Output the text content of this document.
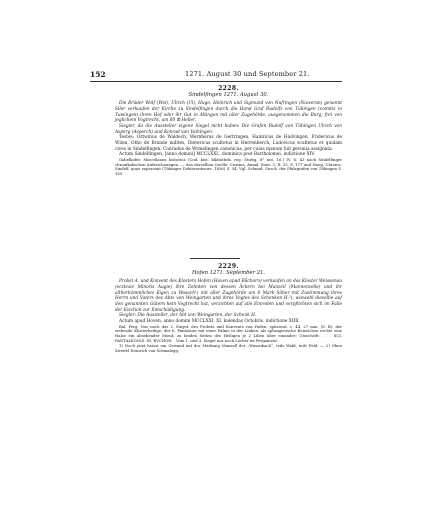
152	1271. August 30 und September 21.
2228.
Sindelfingen 1271. August 30.

Die Brüder Wolf (Wol), Ulrich (Ul), Hugo, Heinrich und Sigmund von Nufringen (Nuweran) genannt Siler verkaufen der Kirche zu Sindelfingen durch die Hand Graf Rudolfs von Tübingen (comitis in Tuwingen) ihren Hof oder ihr Gut in Altingen mit aller Zugehörde, ausgenommen die Burg, frei von jeglichem Vogtrecht, um 80 ℔ Heller.

Siegler, da die Aussteller eigene Siegel nicht haben: Die Grafen Rudolf von Tübingen Ulrich von Asperg (Asperch) und Konrad von Vaihingen.

Testes: Ortwinus de Waldech, Wernherus de Gertringen, Hainricus de Hailvingen, Fridericus de Wilen, Otho de Brande milites, Dietericus scultetus in Herrenberch, Ludovicus scultetus et quidam cives in Sindelfingen, Conradus de Wrmelingen canonicus, per cuius manum fuit pecunia assignata.

Actum Sindelfingen, [anno domini] MCCLXXI., dominica post Bartholomei, indictione XIV.

Gabelkofer, Miscellanea historica (Cod. hist. bibliothek. reg. Stuttg. 8° nro. 16.) IV. S. 43 nach Sindelfinger chronikalischen Aufzeichnungen. — Aus derselben Quelle: Crusius, Annal. Suev. 3, Il, 33, S. 177 und Haug, Chronic. Sindelf. quae supersunt (Tübinger Doktorentwurs. 1836) S. 34. Vgl. Schmid, Gesch. der Pfalzgrafen von Tübingen S. 165.

2229.
Hofen 1271. September 21.

Probst A. und Konvent des Klosters Hofen (Hoven apud Bůchorn) verkaufen an das Kloster Weissenau (ecclesie Minoris Augie) ihre Zehnten von dessen Äckern bei Manzell (Mannenzelle) und ihr altherkömmliches Eigen zu Wasach¹) mit aller Zugehörde um 6 Mark Silber mit Zustimmung ihres Herrn und Vaters des Abts von Weingarten und ihres Vogtes des Schenken H.²), wiewohl dieselbe auf den genannten Gütern kein Vogtrecht hat, verzichten auf alle Einreden und verpflichten sich im Falle der Eviction zur Entschädigung.

Siegler: Die Aussteller, der Abt von Weingarten, der Schenk H.

Actum apud Hoven, anno domini MCCLXXI, XI. kalendas Octobris. indictione XIIII.

Bal. Perg. Nur noch das 2. Siegel: des Probsts und Konvents von Hofen, spitzoval, c. 44, 27 mm. (S. B): der stehende Klosterheilige, der h. Pantaleon mit einer Palme in der Linken, als sphragistische Beizeichen rechts vom Halse ein absehender Mond, zu beiden Seiten des Heiligen je 2 Lilien über einander; Umschrift: . . . SCI. PANTALEONIS. IN. BVCHOR. . Vom 1. und 3. Siegel nur noch Löcher im Pergament.

1) Noch jetzt heisst ein Gewand auf der Markung Manzell der „Wasenbach“, teils Wald, teils Feld. — 2) Ohne Zweifel Heinrich von Schmalegg.
